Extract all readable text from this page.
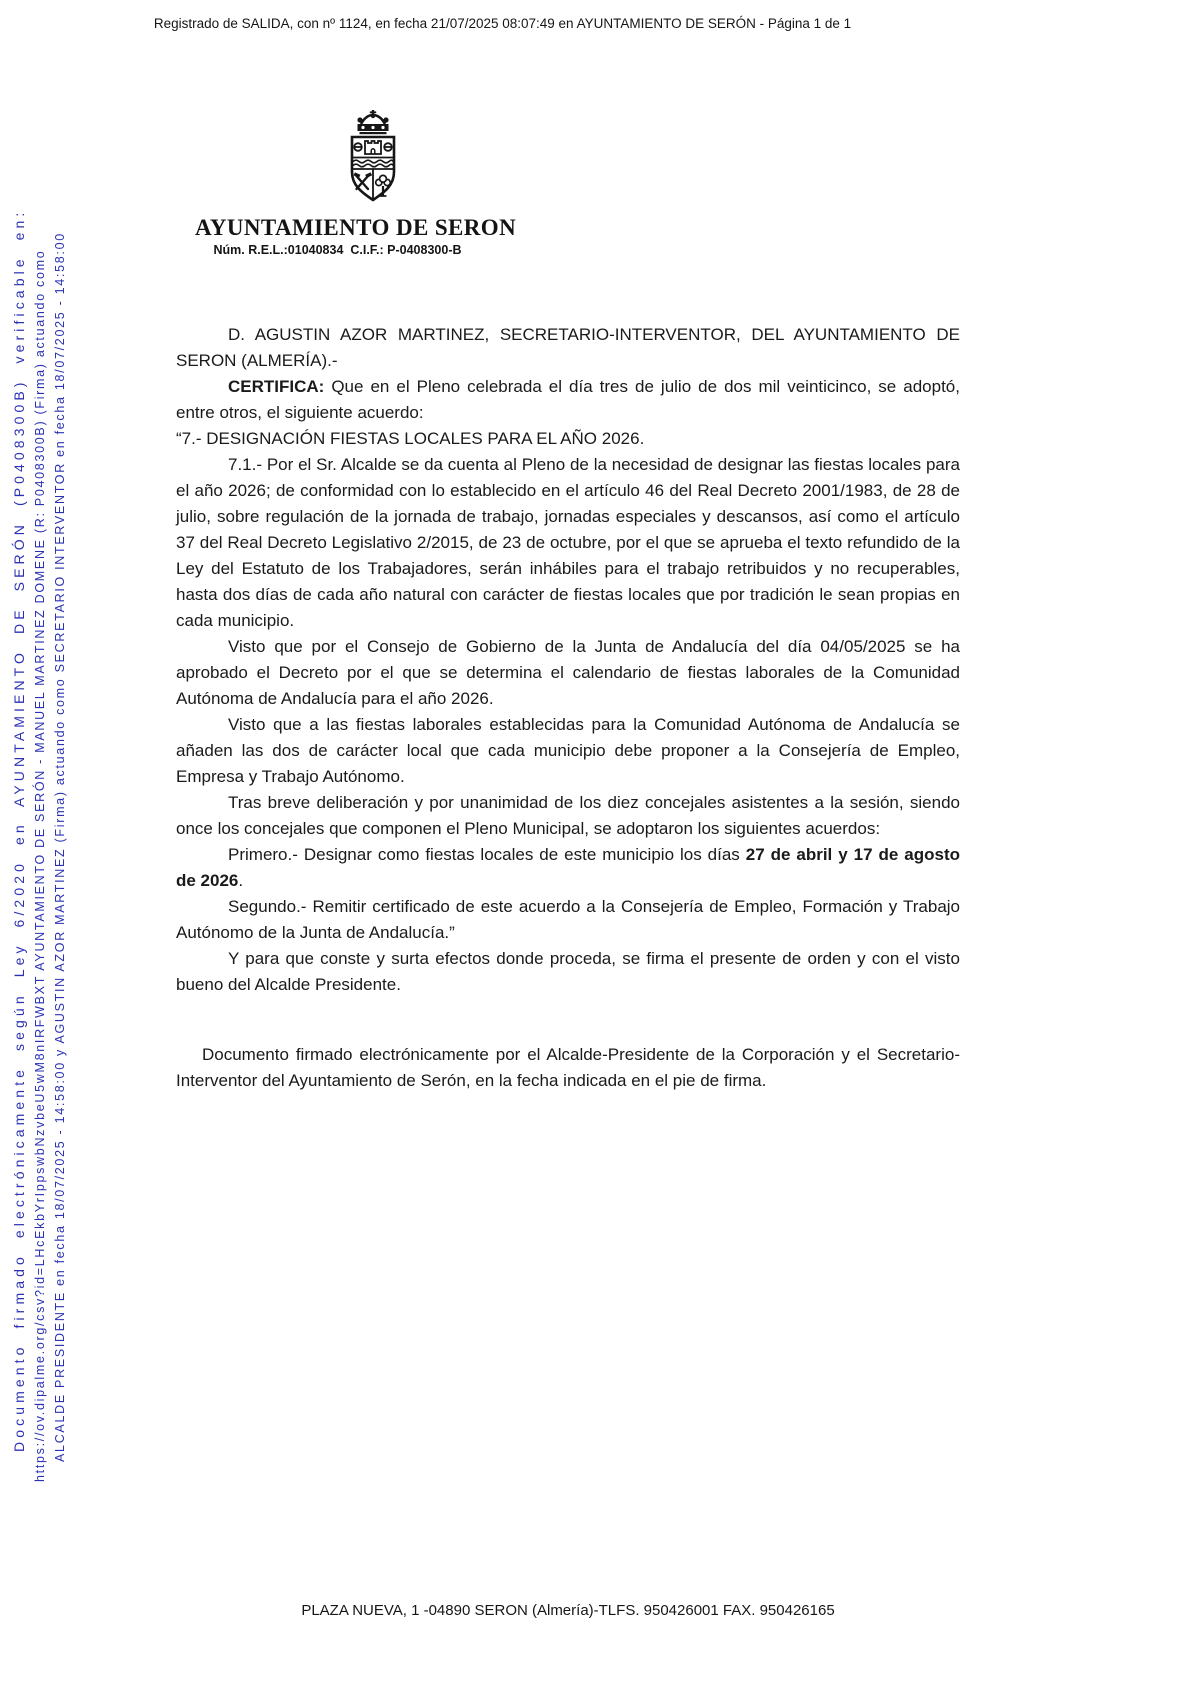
Registrado de SALIDA, con nº 1124, en fecha 21/07/2025 08:07:49 en AYUNTAMIENTO DE SERÓN - Página 1 de 1
Documento firmado electrónicamente según Ley 6/2020 en AYUNTAMIENTO DE SERÓN (P0408300B) verificable en: https://ov.dipalme.org/csv?id=LHcEkbYrIppswbNzvbeU5wM8nIRFWBXT AYUNTAMIENTO DE SERÓN - MANUEL MARTINEZ DOMENE (R: P0408300B) (Firma) actuando como ALCALDE PRESIDENTE en fecha 18/07/2025 - 14:58:00 y AGUSTIN AZOR MARTINEZ (Firma) actuando como SECRETARIO INTERVENTOR en fecha 18/07/2025 - 14:58:00
AYUNTAMIENTO DE SERON
Núm. R.E.L.:01040834  C.I.F.: P-0408300-B

D. AGUSTIN AZOR MARTINEZ, SECRETARIO-INTERVENTOR, DEL AYUNTAMIENTO DE SERON (ALMERÍA).-

CERTIFICA: Que en el Pleno celebrada el día tres de julio de dos mil veinticinco, se adoptó, entre otros, el siguiente acuerdo:

“7.- DESIGNACIÓN FIESTAS LOCALES PARA EL AÑO 2026.

7.1.- Por el Sr. Alcalde se da cuenta al Pleno de la necesidad de designar las fiestas locales para el año 2026; de conformidad con lo establecido en el artículo 46 del Real Decreto 2001/1983, de 28 de julio, sobre regulación de la jornada de trabajo, jornadas especiales y descansos, así como el artículo 37 del Real Decreto Legislativo 2/2015, de 23 de octubre, por el que se aprueba el texto refundido de la Ley del Estatuto de los Trabajadores, serán inhábiles para el trabajo retribuidos y no recuperables, hasta dos días de cada año natural con carácter de fiestas locales que por tradición le sean propias en cada municipio.

Visto que por el Consejo de Gobierno de la Junta de Andalucía del día 04/05/2025 se ha aprobado el Decreto por el que se determina el calendario de fiestas laborales de la Comunidad Autónoma de Andalucía para el año 2026.

Visto que a las fiestas laborales establecidas para la Comunidad Autónoma de Andalucía se añaden las dos de carácter local que cada municipio debe proponer a la Consejería de Empleo, Empresa y Trabajo Autónomo.

Tras breve deliberación y por unanimidad de los diez concejales asistentes a la sesión, siendo once los concejales que componen el Pleno Municipal, se adoptaron los siguientes acuerdos:

Primero.- Designar como fiestas locales de este municipio los días 27 de abril y 17 de agosto de 2026.

Segundo.- Remitir certificado de este acuerdo a la Consejería de Empleo, Formación y Trabajo Autónomo de la Junta de Andalucía.”

Y para que conste y surta efectos donde proceda, se firma el presente de orden y con el visto bueno del Alcalde Presidente.

Documento firmado electrónicamente por el Alcalde-Presidente de la Corporación y el Secretario-Interventor del Ayuntamiento de Serón, en la fecha indicada en el pie de firma.

PLAZA NUEVA, 1 -04890 SERON (Almería)-TLFS. 950426001 FAX. 950426165
